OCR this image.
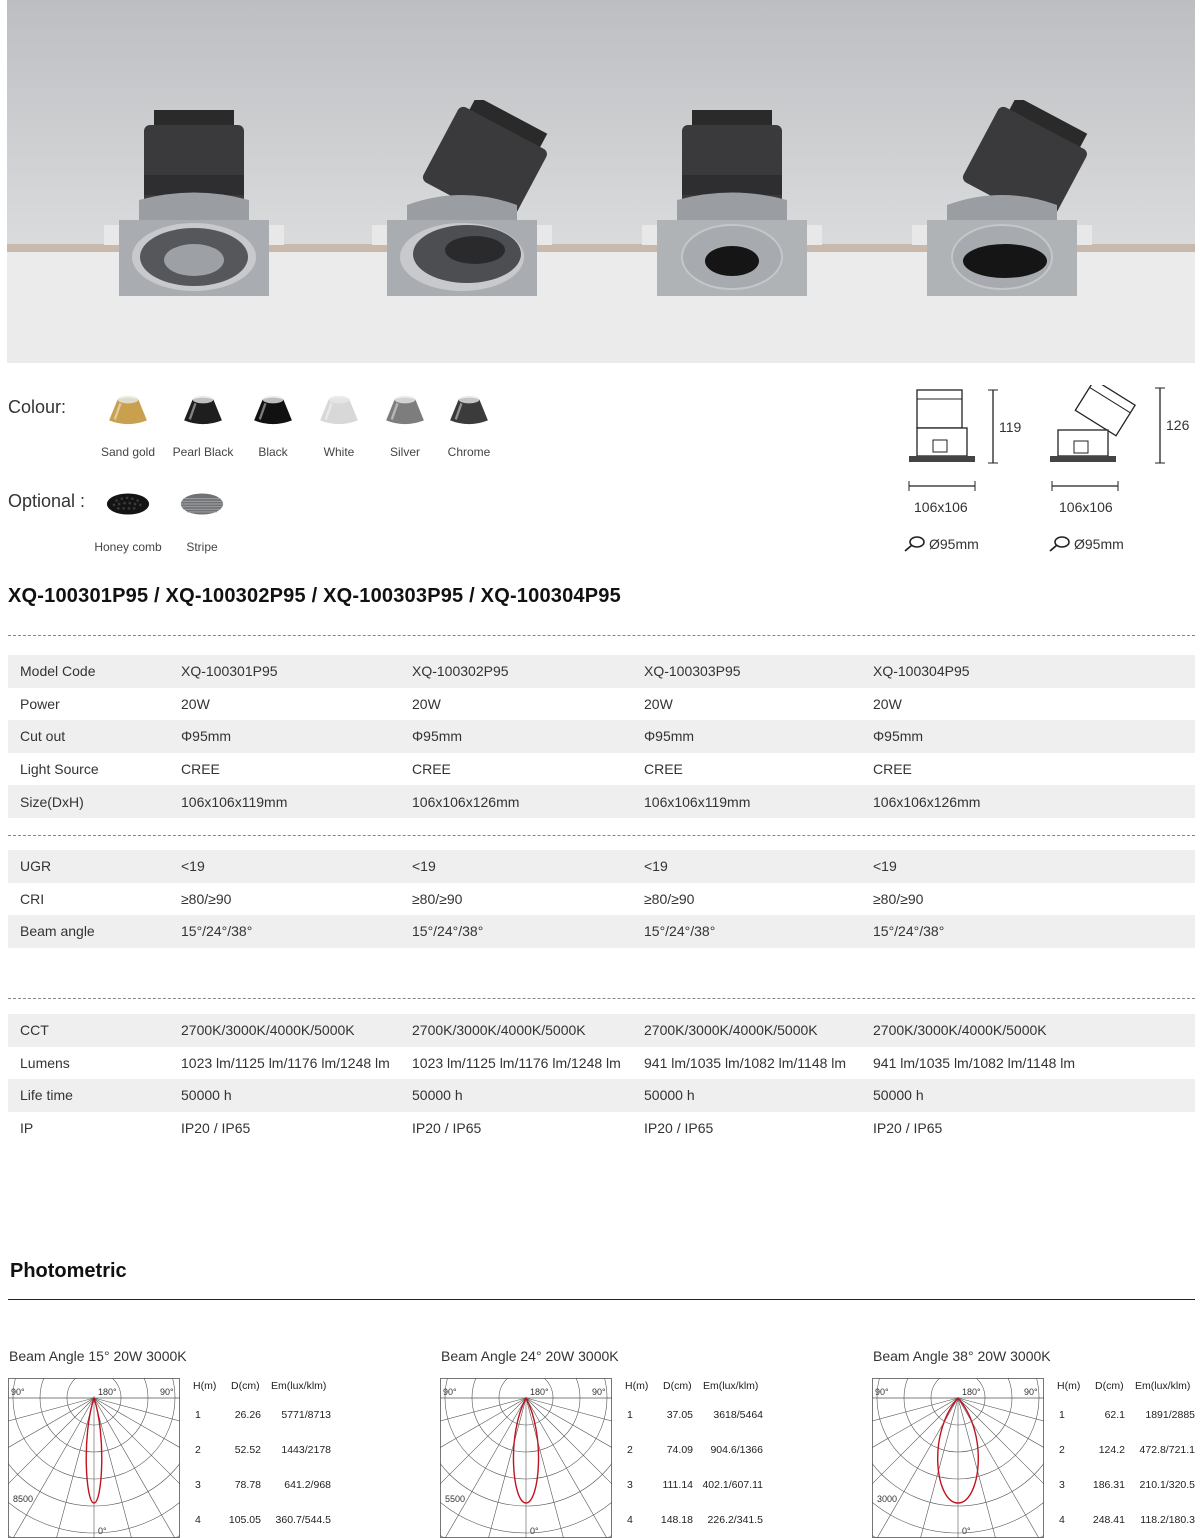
Colour:
Sand gold	Pearl Black	Black	White	Silver	Chrome
Optional :
Honey comb	Stripe
119
106x106
Ø95mm
126
106x106
Ø95mm
XQ-100301P95 / XQ-100302P95 / XQ-100303P95 / XQ-100304P95
Model Code	XQ-100301P95	XQ-100302P95	XQ-100303P95	XQ-100304P95
Power	20W	20W	20W	20W
Cut out	Φ95mm	Φ95mm	Φ95mm	Φ95mm
Light Source	CREE	CREE	CREE	CREE
Size(DxH)	106x106x119mm	106x106x126mm	106x106x119mm	106x106x126mm
UGR	<19	<19	<19	<19
CRI	≥80/≥90	≥80/≥90	≥80/≥90	≥80/≥90
Beam angle	15°/24°/38°	15°/24°/38°	15°/24°/38°	15°/24°/38°
CCT	2700K/3000K/4000K/5000K	2700K/3000K/4000K/5000K	2700K/3000K/4000K/5000K	2700K/3000K/4000K/5000K
Lumens	1023 lm/1125 lm/1176 lm/1248 lm	1023 lm/1125 lm/1176 lm/1248 lm	941 lm/1035 lm/1082 lm/1148 lm	941 lm/1035 lm/1082 lm/1148 lm
Life time	50000 h	50000 h	50000 h	50000 h
IP	IP20 / IP65	IP20 / IP65	IP20 / IP65	IP20 / IP65
Photometric
Beam Angle 15° 20W 3000K
90°	180°	90°
0°
8500
H(m) D(cm) Em(lux/klm)
1	26.26 5771/8713
2	52.52 1443/2178
3	78.78 641.2/968
4	105.05 360.7/544.5
Beam Angle 24° 20W 3000K
90°	180°	90°
0°
5500
H(m) D(cm) Em(lux/klm)
1	37.05 3618/5464
2	74.09 904.6/1366
3	111.14 402.1/607.11
4	148.18 226.2/341.5
Beam Angle 38° 20W 3000K
90°	180°	90°
0°
3000
H(m) D(cm) Em(lux/klm)
1	62.1 1891/2885
2	124.2 472.8/721.1
3	186.31 210.1/320.5
4	248.41 118.2/180.3
